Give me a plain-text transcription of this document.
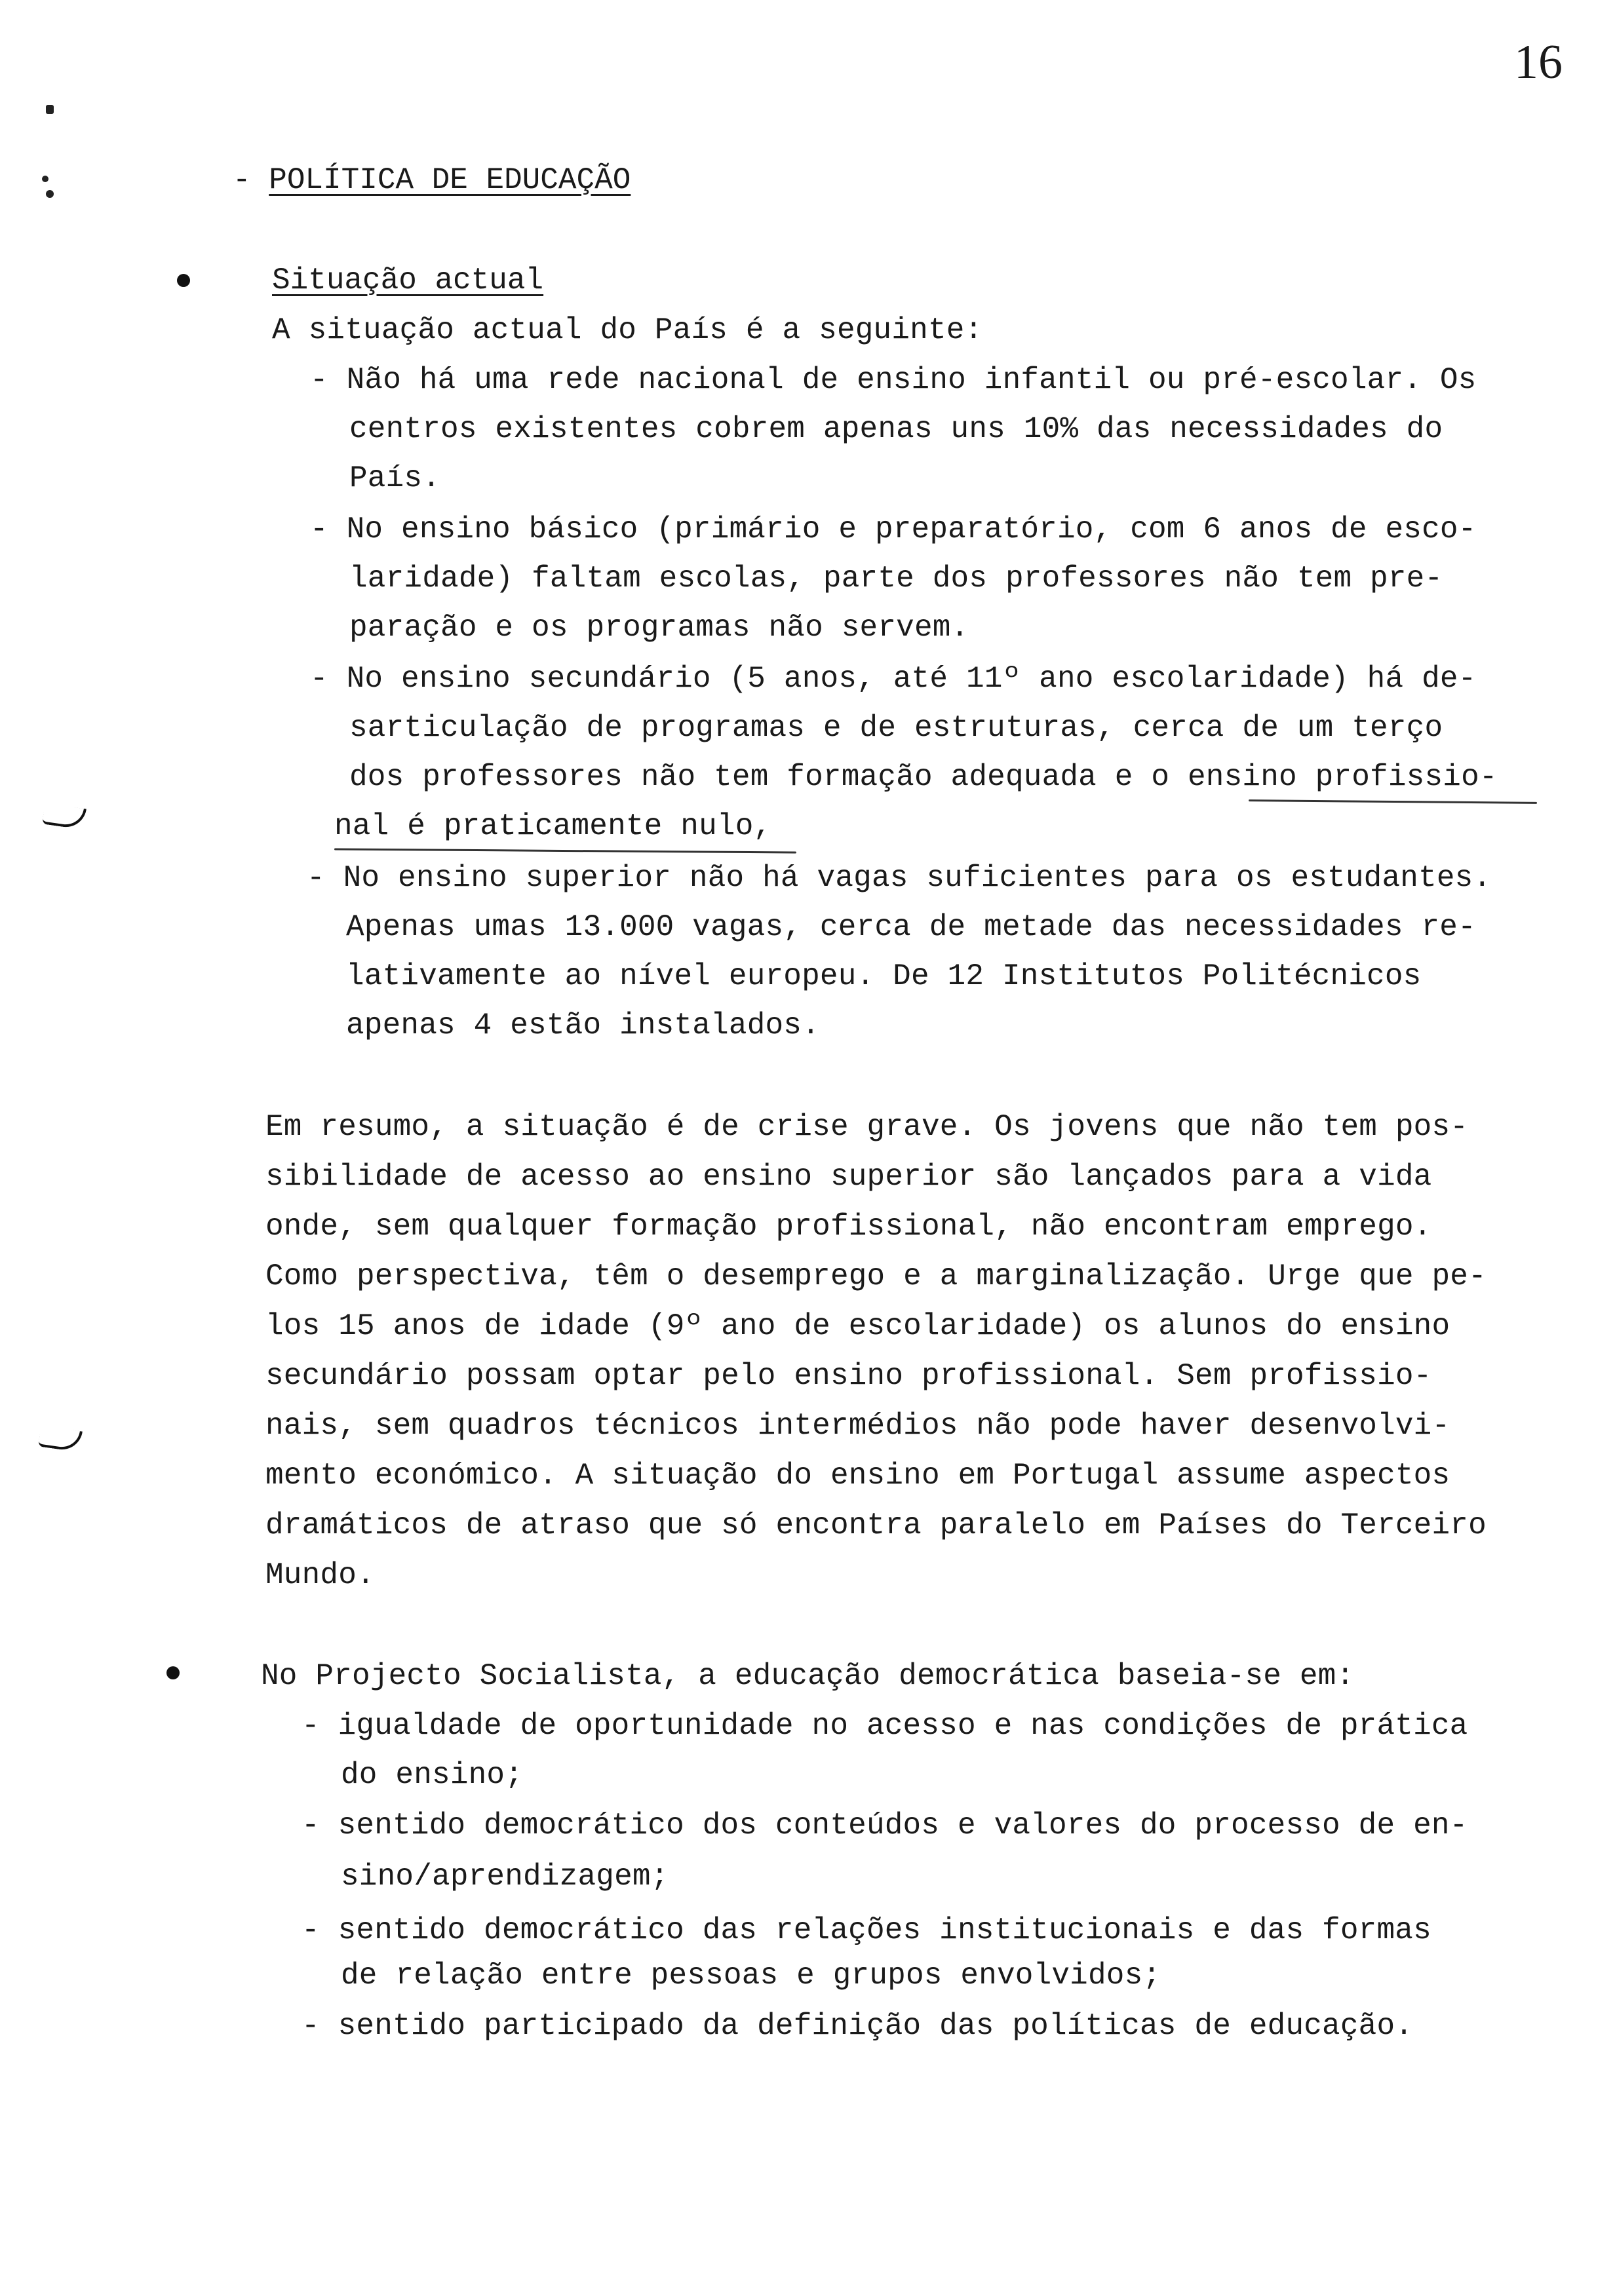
16
- POLÍTICA DE EDUCAÇÃO
Situação actual
A situação actual do País é a seguinte:
- Não há uma rede nacional de ensino infantil ou pré-escolar. Os
centros existentes cobrem apenas uns 10% das necessidades do
País.
- No ensino básico (primário e preparatório, com 6 anos de esco-
laridade) faltam escolas, parte dos professores não tem pre-
paração e os programas não servem.
- No ensino secundário (5 anos, até 11º ano escolaridade) há de-
sarticulação de programas e de estruturas, cerca de um terço
dos professores não tem formação adequada e o ensino profissio-
nal é praticamente nulo,
- No ensino superior não há vagas suficientes para os estudantes.
Apenas umas 13.000 vagas, cerca de metade das necessidades re-
lativamente ao nível europeu. De 12 Institutos Politécnicos
apenas 4 estão instalados.
Em resumo, a situação é de crise grave. Os jovens que não tem pos-
sibilidade de acesso ao ensino superior são lançados para a vida
onde, sem qualquer formação profissional, não encontram emprego.
Como perspectiva, têm o desemprego e a marginalização. Urge que pe-
los 15 anos de idade (9º ano de escolaridade) os alunos do ensino
secundário possam optar pelo ensino profissional. Sem profissio-
nais, sem quadros técnicos intermédios não pode haver desenvolvi-
mento económico. A situação do ensino em Portugal assume aspectos
dramáticos de atraso que só encontra paralelo em Países do Terceiro
Mundo.
No Projecto Socialista, a educação democrática baseia-se em:
- igualdade de oportunidade no acesso e nas condições de prática
do ensino;
- sentido democrático dos conteúdos e valores do processo de en-
sino/aprendizagem;
- sentido democrático das relações institucionais e das formas
de relação entre pessoas e grupos envolvidos;
- sentido participado da definição das políticas de educação.
